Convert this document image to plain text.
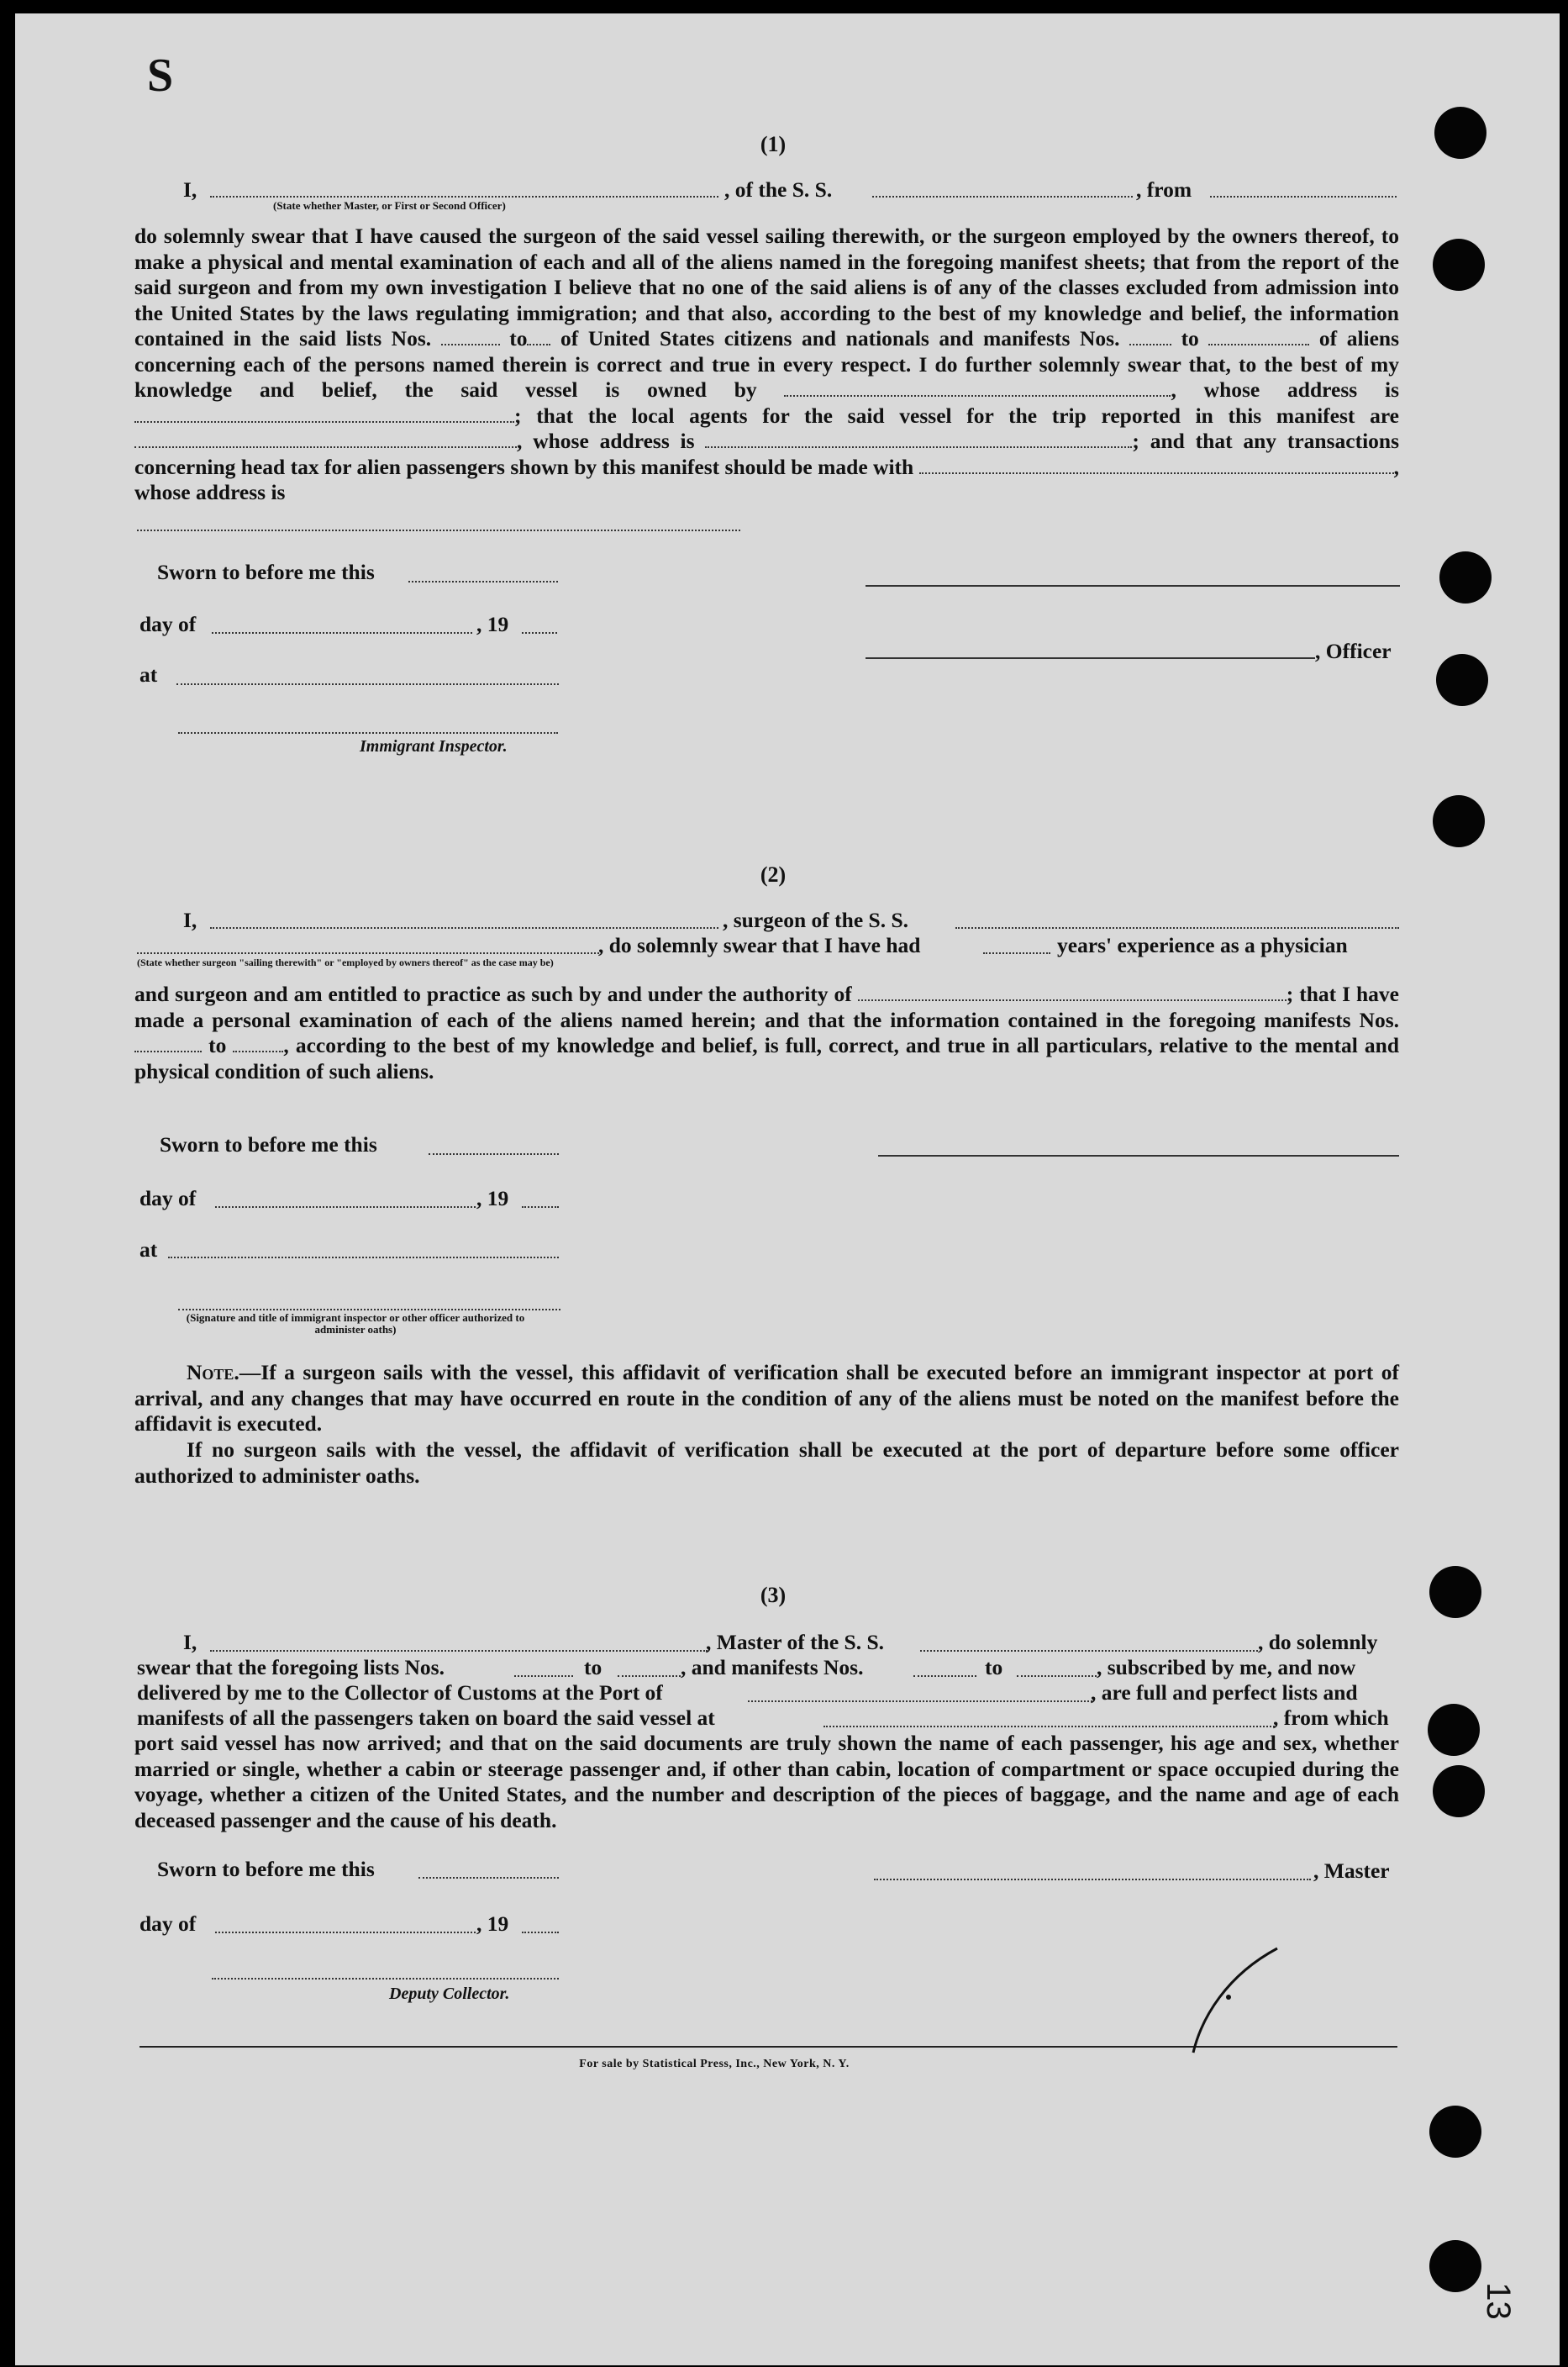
S
(1)
I,
(State whether Master, or First or Second Officer)
, of the S. S.	, from
do solemnly swear that I have caused the surgeon of the said vessel sailing therewith, or the surgeon employed by the owners thereof, to make a physical and mental examination of each and all of the aliens named in the foregoing manifest sheets; that from the report of the said surgeon and from my own investigation I believe that no one of the said aliens is of any of the classes excluded from admission into the United States by the laws regulating immigration; and that also, according to the best of my knowledge and belief, the information contained in the said lists Nos.	to of United States citizens and nationals and manifests Nos.	to	of aliens concerning each of the persons named therein is correct and true in every respect. I do further solemnly swear that, to the best of my knowledge and belief, the said vessel is owned by	, whose address is ; that the local agents for the said vessel for the trip reported in this manifest are , whose address is	; and that any transactions concerning head tax for alien passengers shown by this manifest should be made with	, whose address is
Sworn to before me this
day of	, 19
, Officer
at
Immigrant Inspector.
(2)
I,	, surgeon of the S. S.
(State whether surgeon "sailing therewith" or "employed by owners thereof" as the case may be)
, do solemnly swear that I have had	years' experience as a physician
and surgeon and am entitled to practice as such by and under the authority of	; that I have made a personal examination of each of the aliens named herein; and that the information contained in the foregoing manifests Nos.  to	, according to the best of my knowledge and belief, is full, correct, and true in all particulars, relative to the mental and physical condition of such aliens.
Sworn to before me this
day of	, 19
at
(Signature and title of immigrant inspector or other officer authorized to administer oaths)
Note.—If a surgeon sails with the vessel, this affidavit of verification shall be executed before an immigrant inspector at port of arrival, and any changes that may have occurred en route in the condition of any of the aliens must be noted on the manifest before the affidavit is executed.
If no surgeon sails with the vessel, the affidavit of verification shall be executed at the port of departure before some officer authorized to administer oaths.
(3)
I,	, Master of the S. S.	, do solemnly
swear that the foregoing lists Nos.	to	, and manifests Nos.	to	, subscribed by me, and now
delivered by me to the Collector of Customs at the Port of	, are full and perfect lists and
manifests of all the passengers taken on board the said vessel at	, from which
port said vessel has now arrived; and that on the said documents are truly shown the name of each passenger, his age and sex, whether married or single, whether a cabin or steerage passenger and, if other than cabin, location of compartment or space occupied during the voyage, whether a citizen of the United States, and the number and description of the pieces of baggage, and the name and age of each deceased passenger and the cause of his death.
Sworn to before me this	, Master
day of	, 19
Deputy Collector.
For sale by Statistical Press, Inc., New York, N. Y.
13
